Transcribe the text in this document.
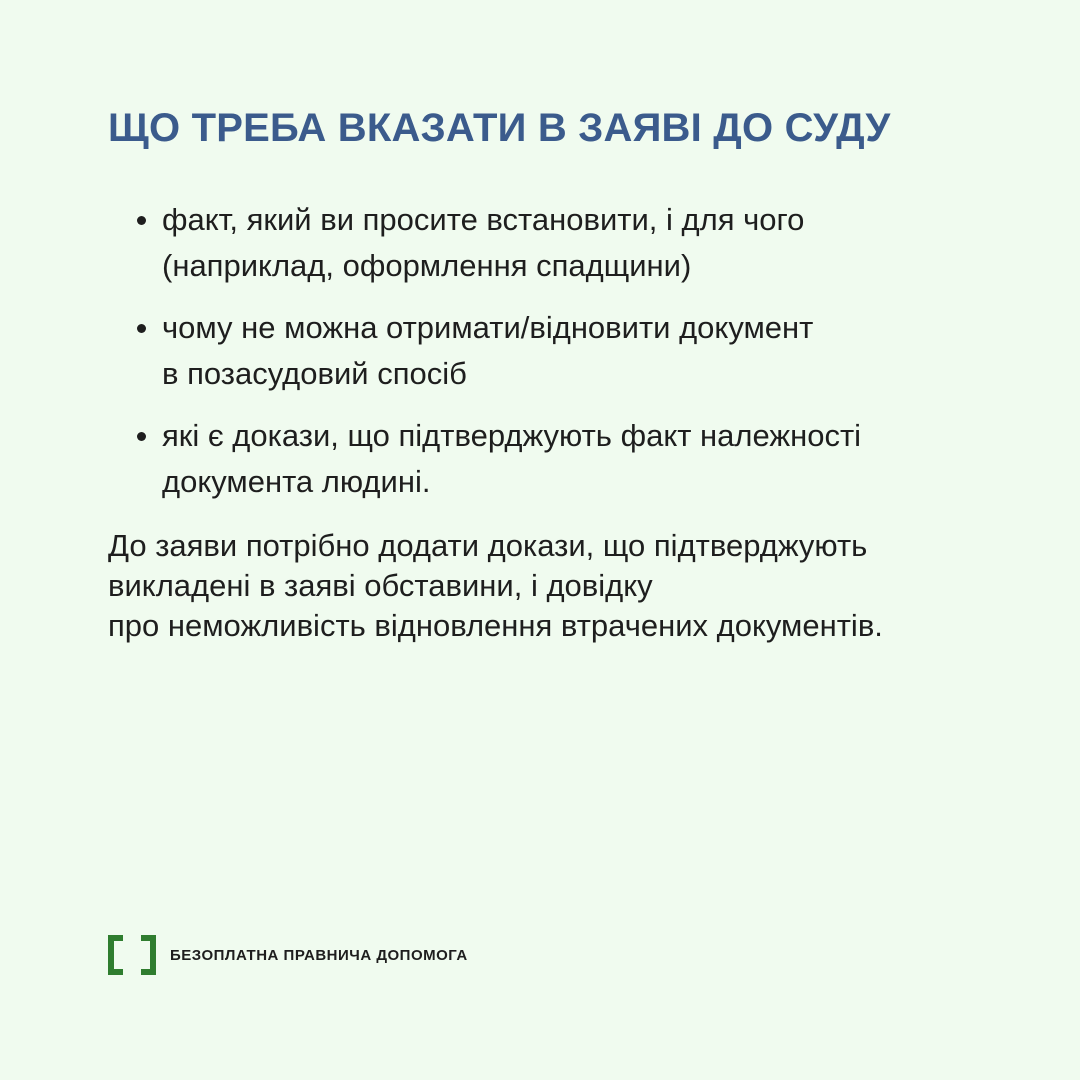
ЩО ТРЕБА ВКАЗАТИ В ЗАЯВІ ДО СУДУ
факт, який ви просите встановити, і для чого
(наприклад, оформлення спадщини)
чому не можна отримати/відновити документ
в позасудовий спосіб
які є докази, що підтверджують факт належності
документа людині.

До заяви потрібно додати докази, що підтверджують
викладені в заяві обставини, і довідку
про неможливість відновлення втрачених документів.

БЕЗОПЛАТНА ПРАВНИЧА ДОПОМОГА
